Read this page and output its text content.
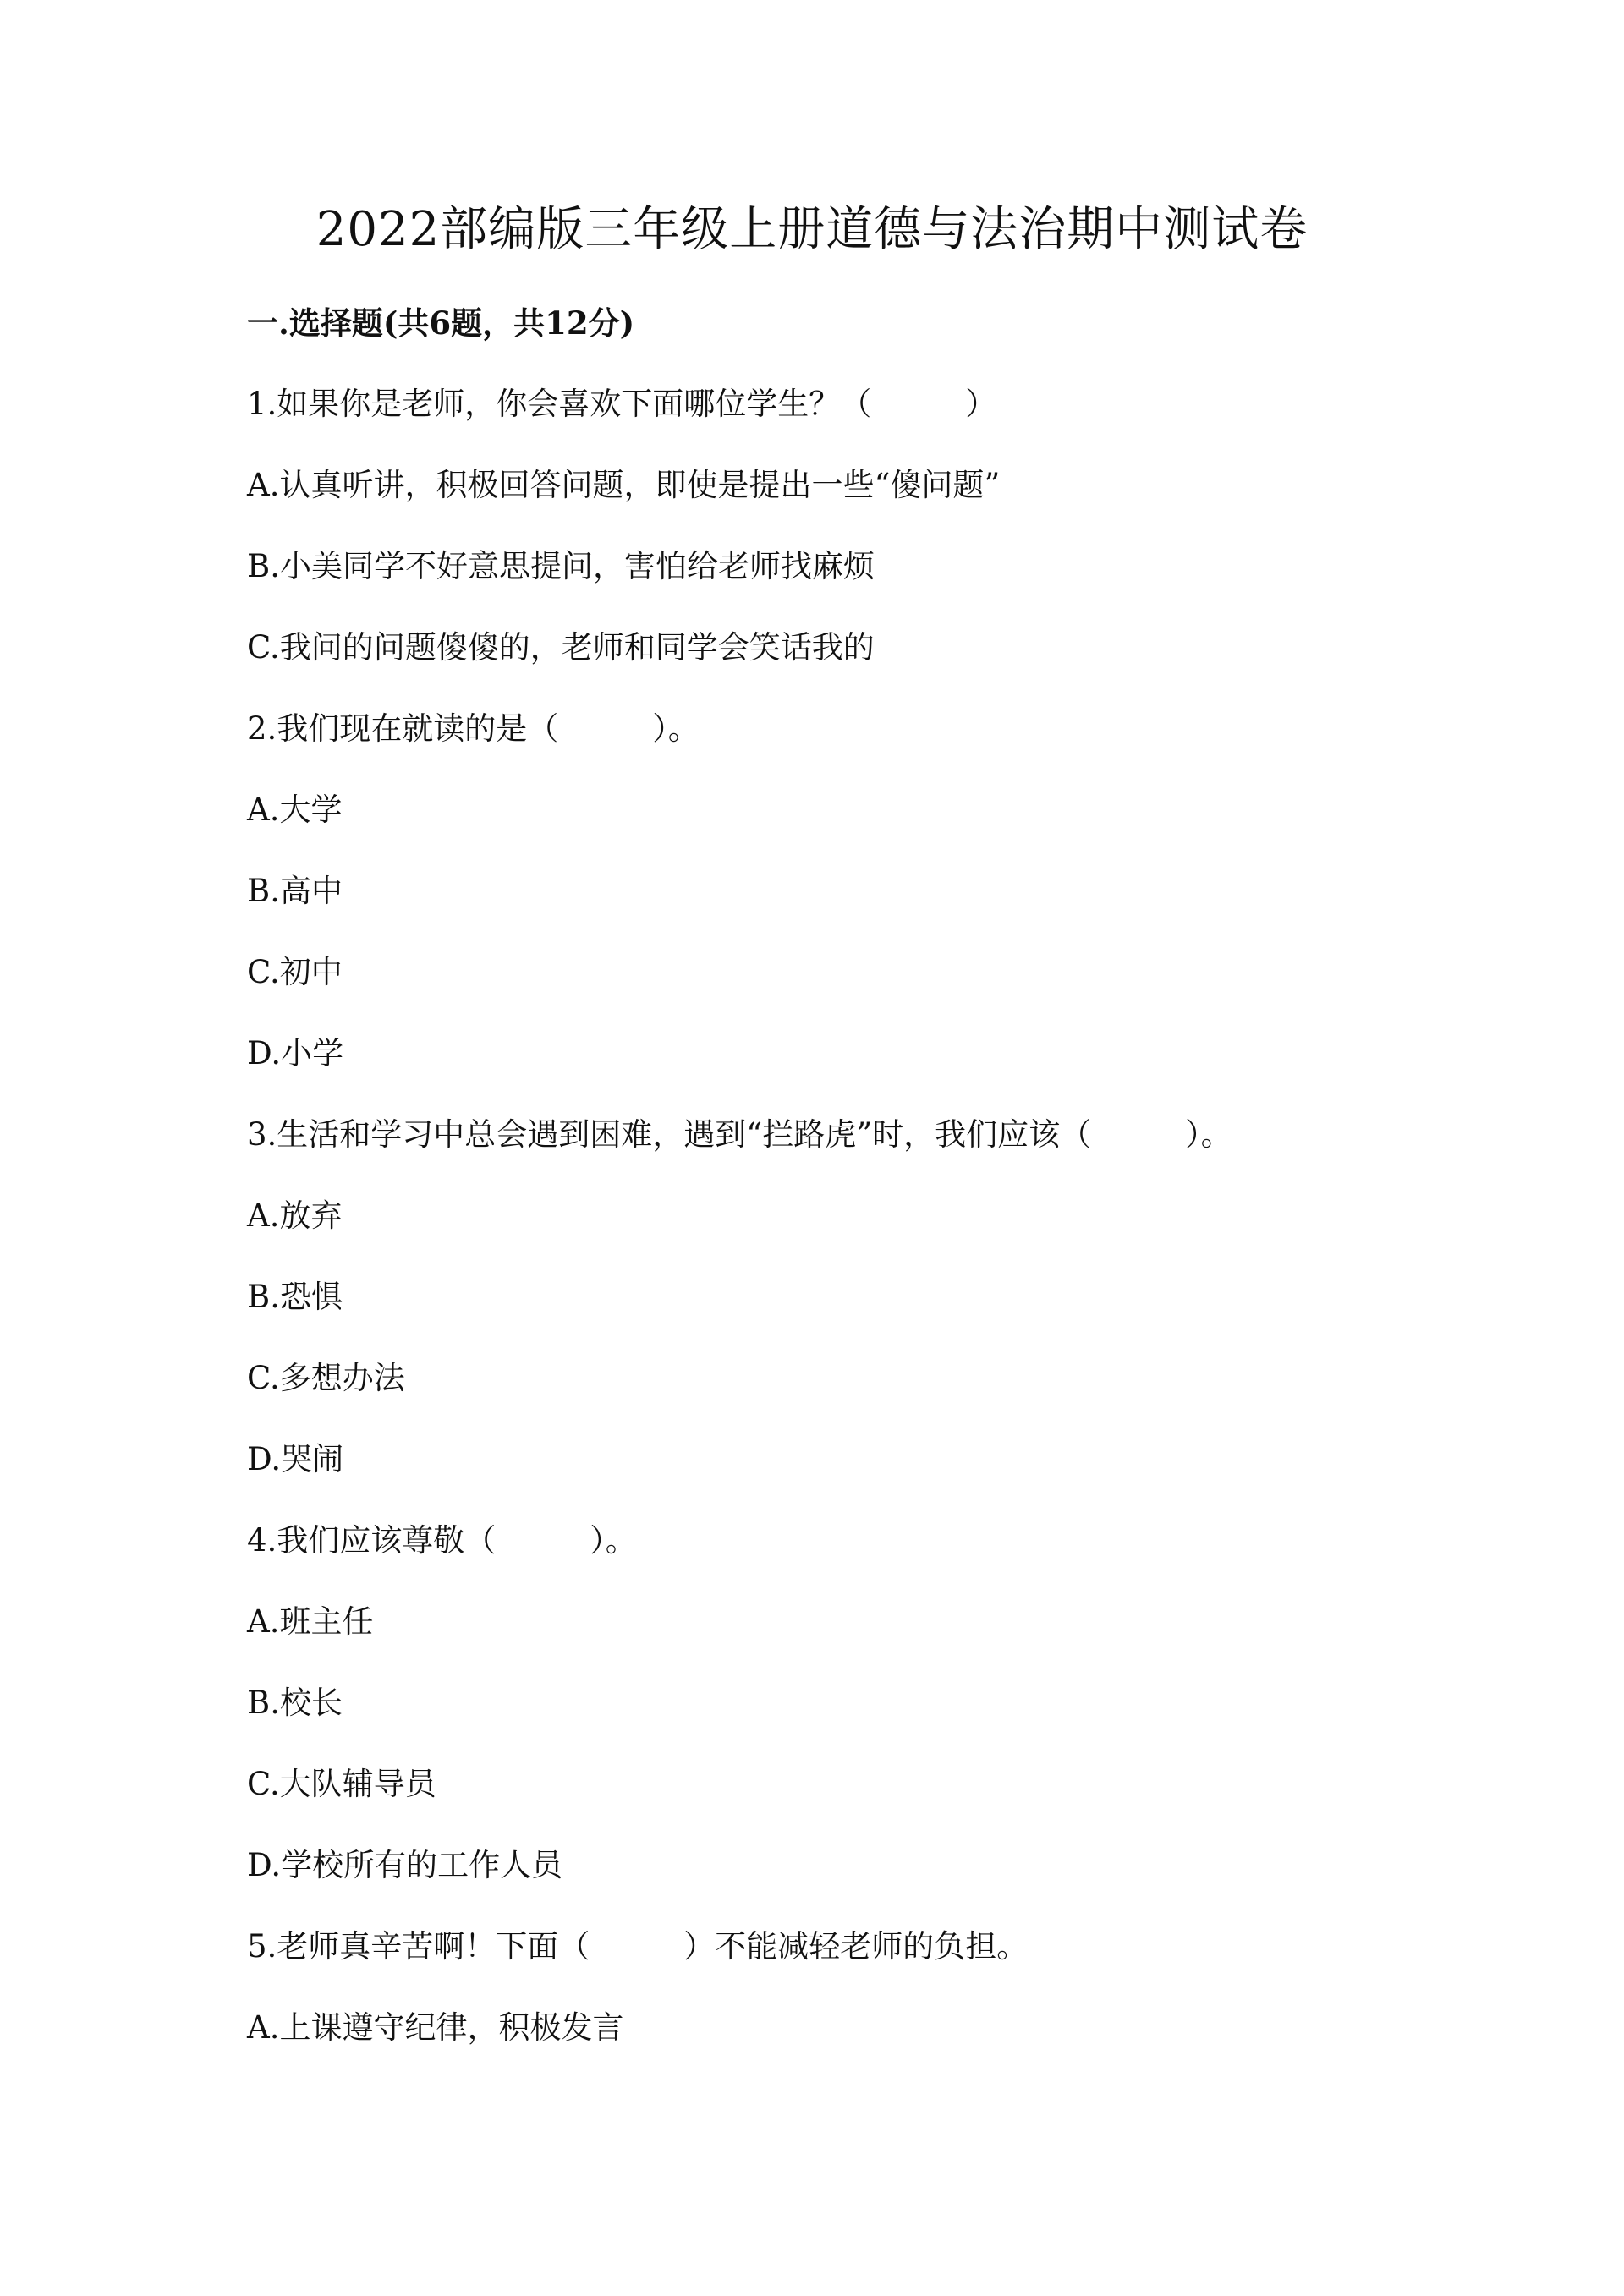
2022部编版三年级上册道德与法治期中测试卷
一.选择题(共6题，共12分)
1.如果你是老师，你会喜欢下面哪位学生？（　　　）
A.认真听讲，积极回答问题，即使是提出一些“傻问题”
B.小美同学不好意思提问，害怕给老师找麻烦
C.我问的问题傻傻的，老师和同学会笑话我的
2.我们现在就读的是（　　　）。
A.大学
B.高中
C.初中
D.小学
3.生活和学习中总会遇到困难，遇到“拦路虎”时，我们应该（　　　）。
A.放弃
B.恐惧
C.多想办法
D.哭闹
4.我们应该尊敬（　　　）。
A.班主任
B.校长
C.大队辅导员
D.学校所有的工作人员
5.老师真辛苦啊！下面（　　　）不能减轻老师的负担。
A.上课遵守纪律，积极发言
